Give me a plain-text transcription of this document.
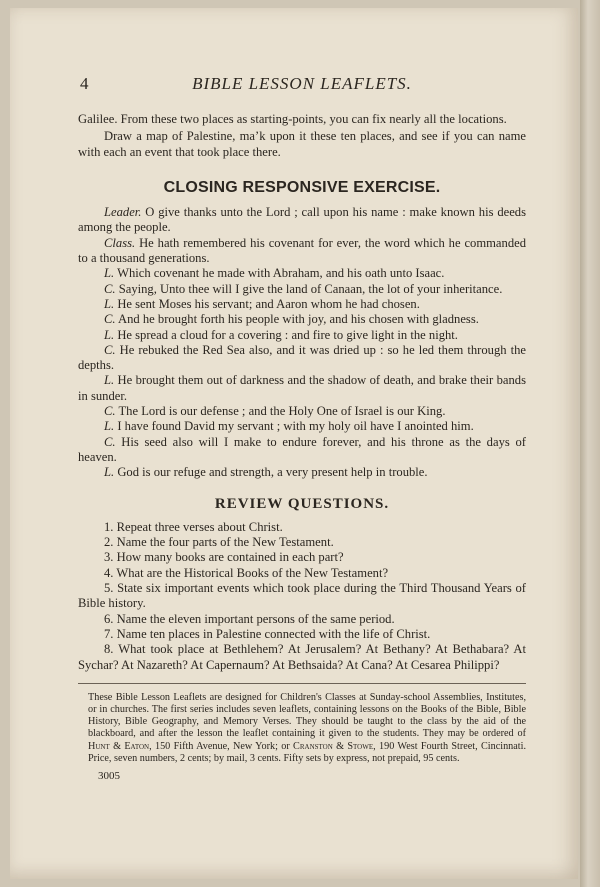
4	BIBLE LESSON LEAFLETS.

Galilee. From these two places as starting-points, you can fix nearly all the locations.

Draw a map of Palestine, maʼk upon it these ten places, and see if you can name with each an event that took place there.

CLOSING RESPONSIVE EXERCISE.

Leader. O give thanks unto the Lord ; call upon his name : make known his deeds among the people.

Class. He hath remembered his covenant for ever, the word which he commanded to a thousand generations.

L. Which covenant he made with Abraham, and his oath unto Isaac.

C. Saying, Unto thee will I give the land of Canaan, the lot of your inheritance.

L. He sent Moses his servant; and Aaron whom he had chosen.

C. And he brought forth his people with joy, and his chosen with gladness.

L. He spread a cloud for a covering : and fire to give light in the night.

C. He rebuked the Red Sea also, and it was dried up : so he led them through the depths.

L. He brought them out of darkness and the shadow of death, and brake their bands in sunder.

C. The Lord is our defense ; and the Holy One of Israel is our King.

L. I have found David my servant ; with my holy oil have I anointed him.

C. His seed also will I make to endure forever, and his throne as the days of heaven.

L. God is our refuge and strength, a very present help in trouble.

REVIEW QUESTIONS.

1. Repeat three verses about Christ.

2. Name the four parts of the New Testament.

3. How many books are contained in each part?

4. What are the Historical Books of the New Testament?

5. State six important events which took place during the Third Thousand Years of Bible history.

6. Name the eleven important persons of the same period.

7. Name ten places in Palestine connected with the life of Christ.

8. What took place at Bethlehem? At Jerusalem? At Bethany? At Bethabara? At Sychar? At Nazareth? At Capernaum? At Bethsaida? At Cana? At Cesarea Philippi?

These Bible Lesson Leaflets are designed for Children's Classes at Sunday-school Assemblies, Institutes, or in churches. The first series includes seven leaflets, containing lessons on the Books of the Bible, Bible History, Bible Geography, and Memory Verses. They should be taught to the class by the aid of the blackboard, and after the lesson the leaflet containing it given to the students. They may be ordered of Hunt & Eaton, 150 Fifth Avenue, New York; or Cranston & Stowe, 190 West Fourth Street, Cincinnati. Price, seven numbers, 2 cents; by mail, 3 cents. Fifty sets by express, not prepaid, 95 cents.

3005
